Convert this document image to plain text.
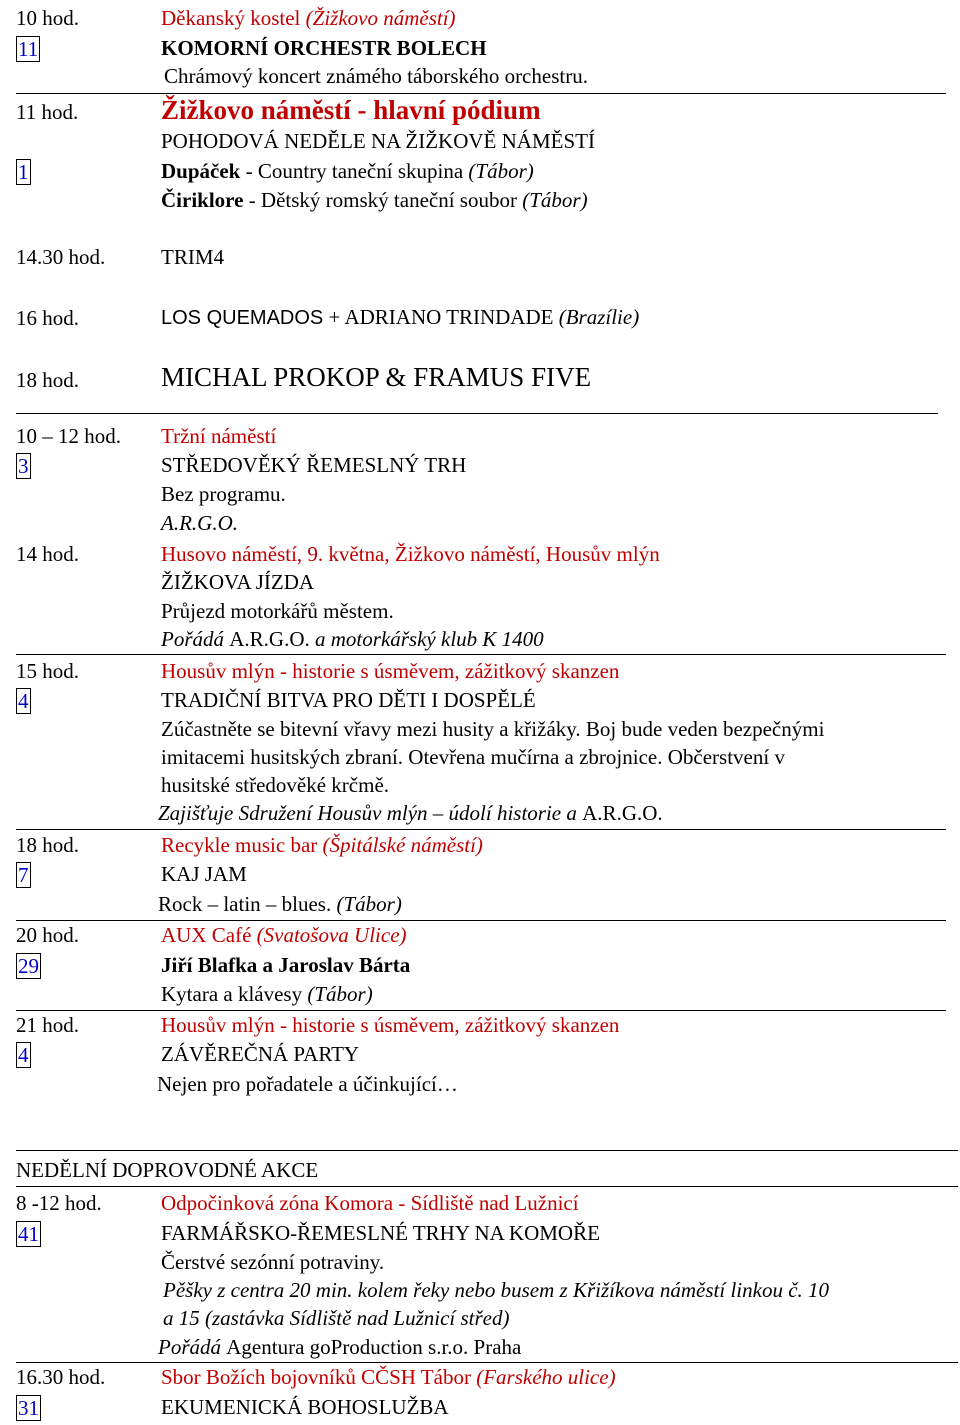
10 hod.	Děkanský kostel (Žižkovo náměstí)
11	KOMORNÍ ORCHESTR BOLECH
Chrámový koncert známého táborského orchestru.
11 hod.	Žižkovo náměstí - hlavní pódium
POHODOVÁ NEDĚLE NA ŽIŽKOVĚ NÁMĚSTÍ
1	Dupáček - Country taneční skupina (Tábor)
Čiriklore - Dětský romský taneční soubor (Tábor)
14.30 hod.	TRIM4
16 hod.	LOS QUEMADOS + ADRIANO TRINDADE (Brazílie)
18 hod.	MICHAL PROKOP & FRAMUS FIVE
10 – 12 hod. Tržní náměstí
3	STŘEDOVĚKÝ ŘEMESLNÝ TRH
Bez programu.
A.R.G.O.
14 hod.	Husovo náměstí, 9. května, Žižkovo náměstí, Housův mlýn
ŽIŽKOVA JÍZDA
Průjezd motorkářů městem.
Pořádá A.R.G.O. a motorkářský klub K 1400
15 hod.	Housův mlýn - historie s úsměvem, zážitkový skanzen
4	TRADIČNÍ BITVA PRO DĚTI I DOSPĚLÉ
Zúčastněte se bitevní vřavy mezi husity a křižáky. Boj bude veden bezpečnými
imitacemi husitských zbraní. Otevřena mučírna a zbrojnice. Občerstvení v
husitské středověké krčmě.
Zajišťuje Sdružení Housův mlýn – údolí historie a A.R.G.O.
18 hod.	Recykle music bar (Špitálské náměstí)
7	KAJ JAM
Rock – latin – blues. (Tábor)
20 hod.	AUX Café (Svatošova Ulice)
29	Jiří Blafka a Jaroslav Bárta
Kytara a klávesy (Tábor)
21 hod.	Housův mlýn - historie s úsměvem, zážitkový skanzen
4	ZÁVĚREČNÁ PARTY
Nejen pro pořadatele a účinkující…
NEDĚLNÍ DOPROVODNÉ AKCE
8 -12 hod.	Odpočinková zóna Komora - Sídliště nad Lužnicí
41	FARMÁŘSKO-ŘEMESLNÉ TRHY NA KOMOŘE
Čerstvé sezónní potraviny.
Pěšky z centra 20 min. kolem řeky nebo busem z Křižíkova náměstí linkou č. 10
a 15 (zastávka Sídliště nad Lužnicí střed)
Pořádá Agentura goProduction s.r.o. Praha
16.30 hod.	Sbor Božích bojovníků CČSH Tábor (Farského ulice)
31	EKUMENICKÁ BOHOSLUŽBA
